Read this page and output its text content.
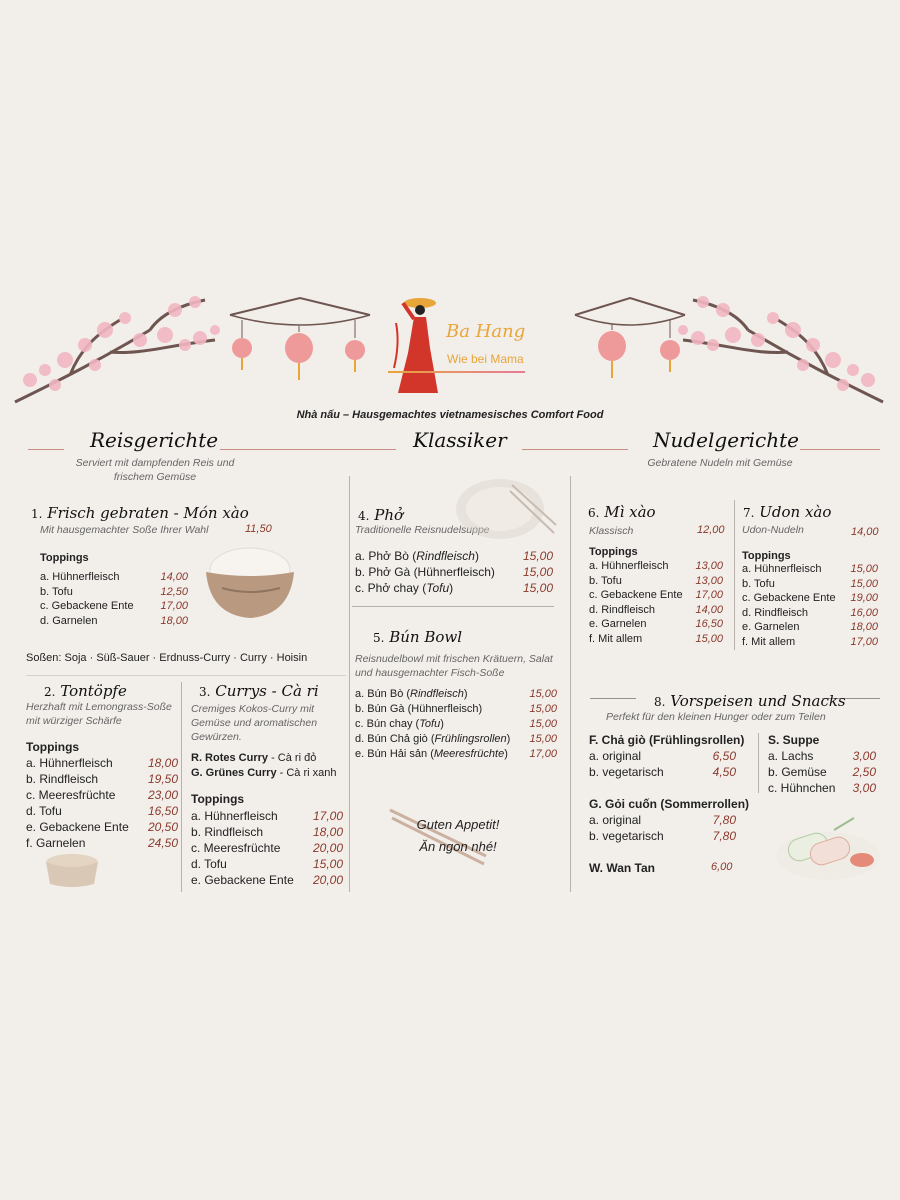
Ba Hang
Wie bei Mama
Nhà nấu – Hausgemachtes vietnamesisches Comfort Food
Reisgerichte	Klassiker	Nudelgerichte
Serviert mit dampfenden Reis und frischem Gemüse
Gebratene Nudeln mit Gemüse
1. Frisch gebraten - Món xào
Mit hausgemachter Soße Ihrer Wahl	11,50
Toppings
a. Hühnerfleisch	14,00
b. Tofu	12,50
c. Gebackene Ente 17,00
d. Garnelen	18,00
Soßen: Soja · Süß-Sauer · Erdnuss-Curry · Curry · Hoisin
2. Tontöpfe
Herzhaft mit Lemongrass-Soße mit würziger Schärfe
Toppings
a. Hühnerfleisch	18,00
b. Rindfleisch	19,50
c. Meeresfrüchte	23,00
d. Tofu	16,50
e. Gebackene Ente 20,50
f. Garnelen	24,50
3. Currys - Cà ri
Cremiges Kokos-Curry mit Gemüse und aromatischen Gewürzen.
R. Rotes Curry - Cà ri đỏ
G. Grünes Curry - Cà ri xanh
Toppings
a. Hühnerfleisch	17,00
b. Rindfleisch	18,00
c. Meeresfrüchte	20,00
d. Tofu	15,00
e. Gebackene Ente 20,00
4. Phở
Traditionelle Reisnudelsuppe
a. Phở Bò (Rindfleisch)	15,00
b. Phở Gà (Hühnerfleisch) 15,00
c. Phở chay (Tofu)	15,00
5. Bún Bowl
Reisnudelbowl mit frischen Krätuern, Salat und hausgemachter Fisch-Soße
a. Bún Bò (Rindfleisch)	15,00
b. Bún Gà (Hühnerfleisch)	15,00
c. Bún chay (Tofu)	15,00
d. Bún Chả giò (Frühlingsrollen) 15,00
e. Bún Hải sản (Meeresfrüchte) 17,00
Guten Appetit!
Ăn ngon nhé!
6. Mì xào
Klassisch	12,00
Toppings
a. Hühnerfleisch 13,00
b. Tofu	13,00
c. Gebackene Ente 17,00
d. Rindfleisch	14,00
e. Garnelen	16,50
f. Mit allem	15,00
7. Udon xào
Udon-Nudeln	14,00
Toppings
a. Hühnerfleisch	15,00
b. Tofu	15,00
c. Gebackene Ente 19,00
d. Rindfleisch	16,00
e. Garnelen	18,00
f. Mit allem	17,00
8. Vorspeisen und Snacks
Perfekt für den kleinen Hunger oder zum Teilen
F. Chả giò (Frühlingsrollen)
a. original	6,50
b. vegetarisch	4,50
G. Gỏi cuốn (Sommerrollen)
a. original	7,80
b. vegetarisch	7,80
W. Wan Tan	6,00
S. Suppe
a. Lachs	3,00
b. Gemüse 2,50
c. Hühnchen 3,00
